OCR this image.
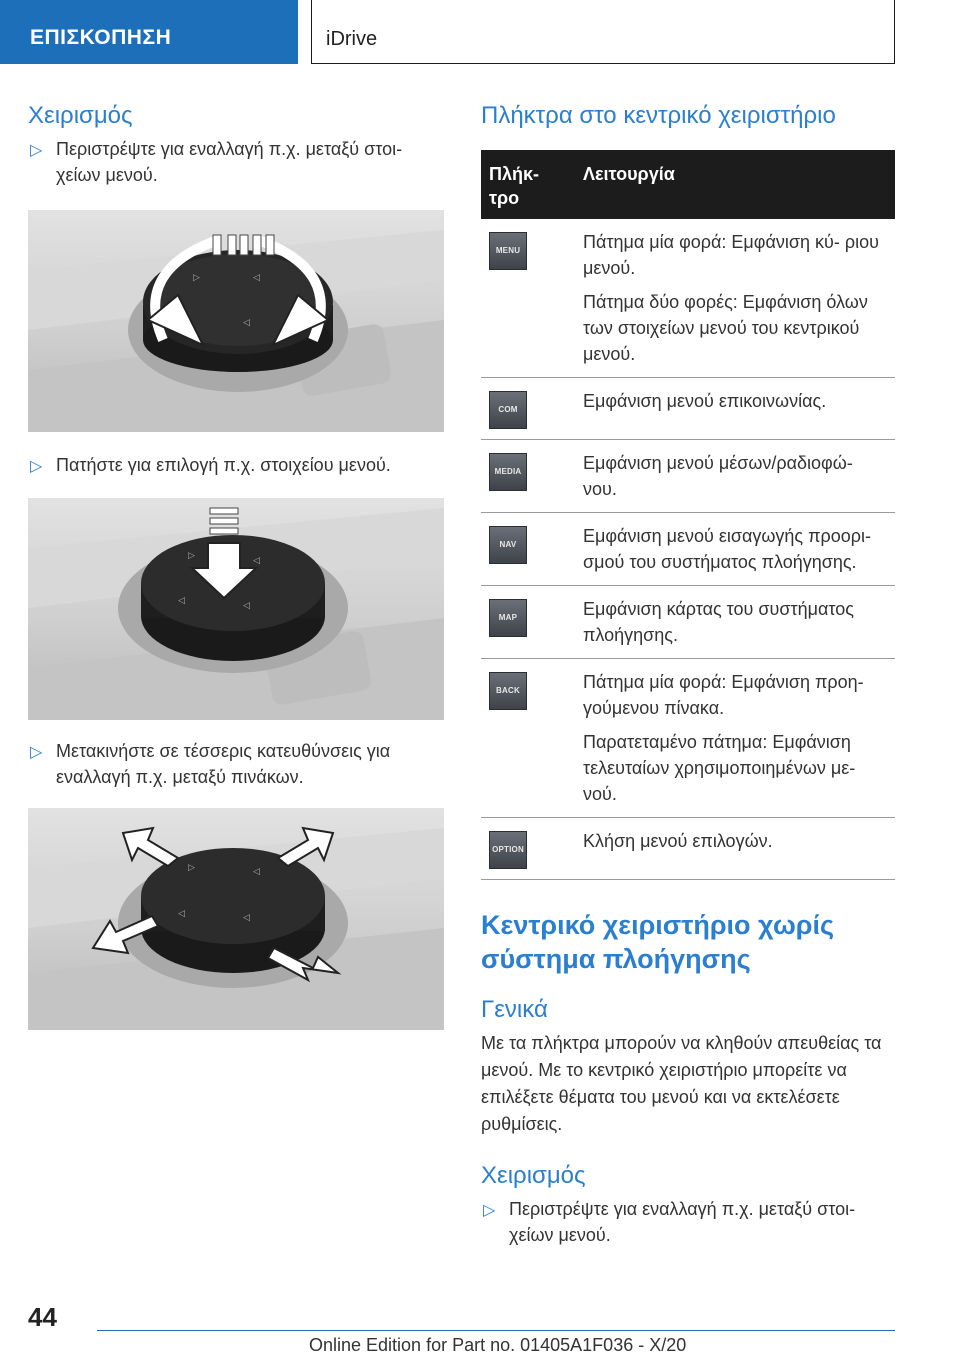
ΕΠΙΣΚΟΠΗΣΗ	iDrive
Χειρισμός
▷ Περιστρέψτε για εναλλαγή π.χ. μεταξύ στοι‐ χείων μενού.
▷	◁
◁
▷ Πατήστε για επιλογή π.χ. στοιχείου μενού.
▷	◁
◁	◁
▷ Μετακινήστε σε τέσσερις κατευθύνσεις για εναλλαγή π.χ. μεταξύ πινάκων.
▷	◁
◁	◁
Πλήκτρα στο κεντρικό χειριστήριο
Πλήκ‐ τρο	Λειτουργία

MENU	Πάτημα μία φορά: Εμφάνιση κύ‐ ριου μενού.

Πάτημα δύο φορές: Εμφάνιση όλων των στοιχείων μενού του κεντρικού μενού.

COM	Εμφάνιση μενού επικοινωνίας.

MEDIA	Εμφάνιση μενού μέσων/ραδιοφώ‐ νου.

NAV	Εμφάνιση μενού εισαγωγής προορι‐ σμού του συστήματος πλοήγησης.

MAP	Εμφάνιση κάρτας του συστήματος πλοήγησης.

BACK	Πάτημα μία φορά: Εμφάνιση προη‐ γούμενου πίνακα.

Παρατεταμένο πάτημα: Εμφάνιση τελευταίων χρησιμοποιημένων με‐ νού.

OPTION	Κλήση μενού επιλογών.

Κεντρικό χειριστήριο χωρίς σύστημα πλοήγησης
Γενικά

Με τα πλήκτρα μπορούν να κληθούν απευθείας τα μενού. Με το κεντρικό χειριστήριο μπορείτε να επιλέξετε θέματα του μενού και να εκτελέσετε ρυθμίσεις.

Χειρισμός
▷ Περιστρέψτε για εναλλαγή π.χ. μεταξύ στοι‐ χείων μενού.
44
Online Edition for Part no. 01405A1F036 - X/20
